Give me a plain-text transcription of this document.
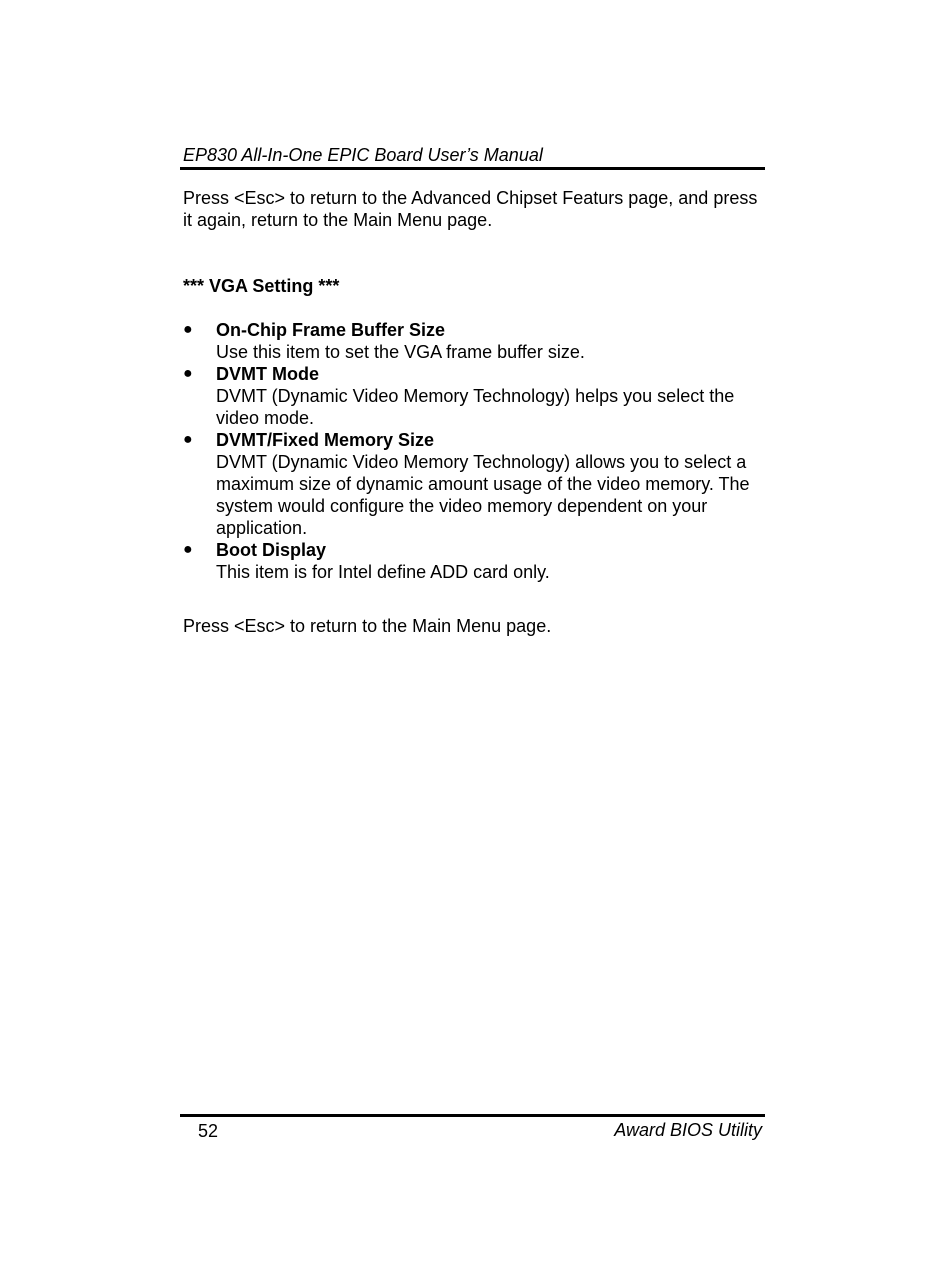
EP830 All-In-One EPIC Board User’s Manual

Press <Esc> to return to the Advanced Chipset Featurs page, and press it again, return to the Main Menu page.

*** VGA Setting ***

● On-Chip Frame Buffer Size
Use this item to set the VGA frame buffer size.
● DVMT Mode
DVMT (Dynamic Video Memory Technology) helps you select the video mode.
● DVMT/Fixed Memory Size
DVMT (Dynamic Video Memory Technology) allows you to select a maximum size of dynamic amount usage of the video memory. The system would configure the video memory dependent on your application.
● Boot Display
This item is for Intel define ADD card only.

Press <Esc> to return to the Main Menu page.

52	Award BIOS Utility
